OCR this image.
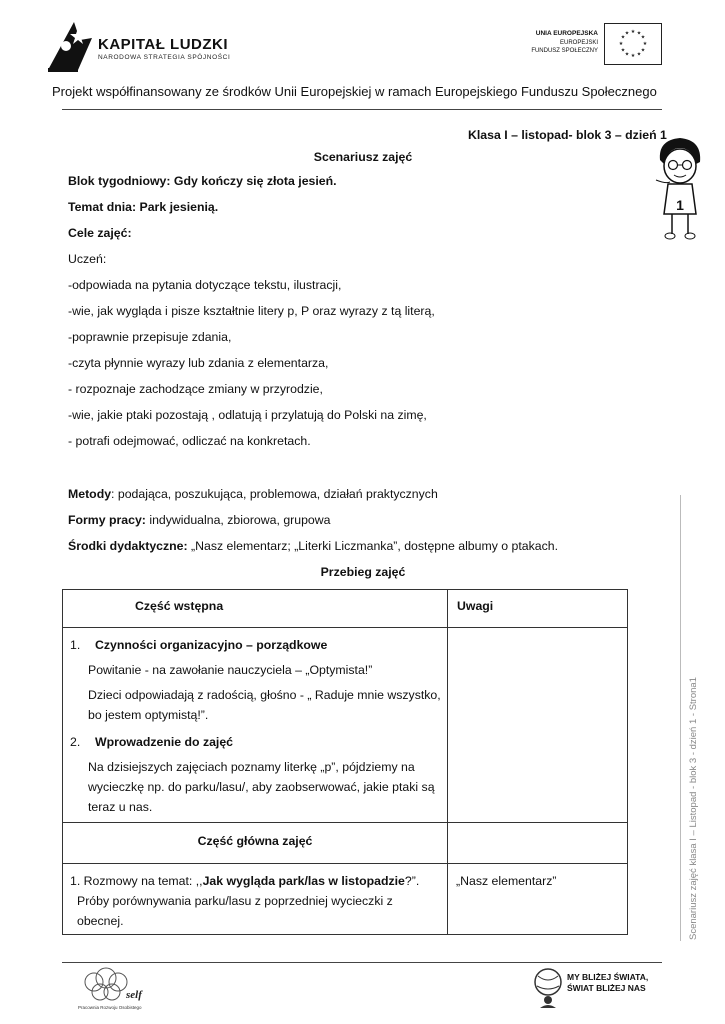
KAPITAŁ LUDZKI
NARODOWA STRATEGIA SPÓJNOŚCI
UNIA EUROPEJSKA
EUROPEJSKI
FUNDUSZ SPOŁECZNY
★ ★
★
★
★
★
★
★
★
★
★
★
Projekt współfinansowany ze środków Unii Europejskiej w ramach Europejskiego Funduszu Społecznego
1
Klasa I – listopad- blok 3 – dzień 1
Scenariusz zajęć
Blok tygodniowy: Gdy kończy się złota jesień.
Temat dnia: Park jesienią.
Cele zajęć:
Uczeń:
-odpowiada na pytania dotyczące tekstu, ilustracji,
-wie, jak wygląda i pisze kształtnie litery p, P oraz wyrazy z tą literą,
-poprawnie przepisuje zdania,
-czyta płynnie wyrazy lub zdania z elementarza,
- rozpoznaje zachodzące zmiany w przyrodzie,
-wie, jakie ptaki pozostają , odlatują i przylatują do Polski na zimę,
- potrafi odejmować, odliczać na konkretach.
Metody: podająca, poszukująca, problemowa, działań praktycznych
Formy pracy: indywidualna, zbiorowa, grupowa
Środki dydaktyczne: „Nasz elementarz; „Literki Liczmanka”, dostępne albumy o ptakach.
Przebieg zajęć
Część wstępna	Uwagi
1. Czynności organizacyjno – porządkowe
Powitanie - na zawołanie nauczyciela – „Optymista!”
Dzieci odpowiadają z radością, głośno - „ Raduje mnie wszystko,
bo jestem optymistą!”.
2. Wprowadzenie do zajęć
Na dzisiejszych zajęciach poznamy literkę „p”, pójdziemy na
wycieczkę np. do parku/lasu/, aby zaobserwować, jakie ptaki są
teraz u nas.
Część główna zajęć
1. Rozmowy na temat: ,,Jak wygląda park/las w listopadzie?”.
Próby porównywania parku/lasu z poprzedniej wycieczki z
obecnej.
„Nasz elementarz”	Scenariusz zajęć klasa I – Listopad - blok 3 - dzień 1 - Strona1
self
Pracownia Rozwoju Osobistego
MY BLIŻEJ ŚWIATA,
ŚWIAT BLIŻEJ NAS
